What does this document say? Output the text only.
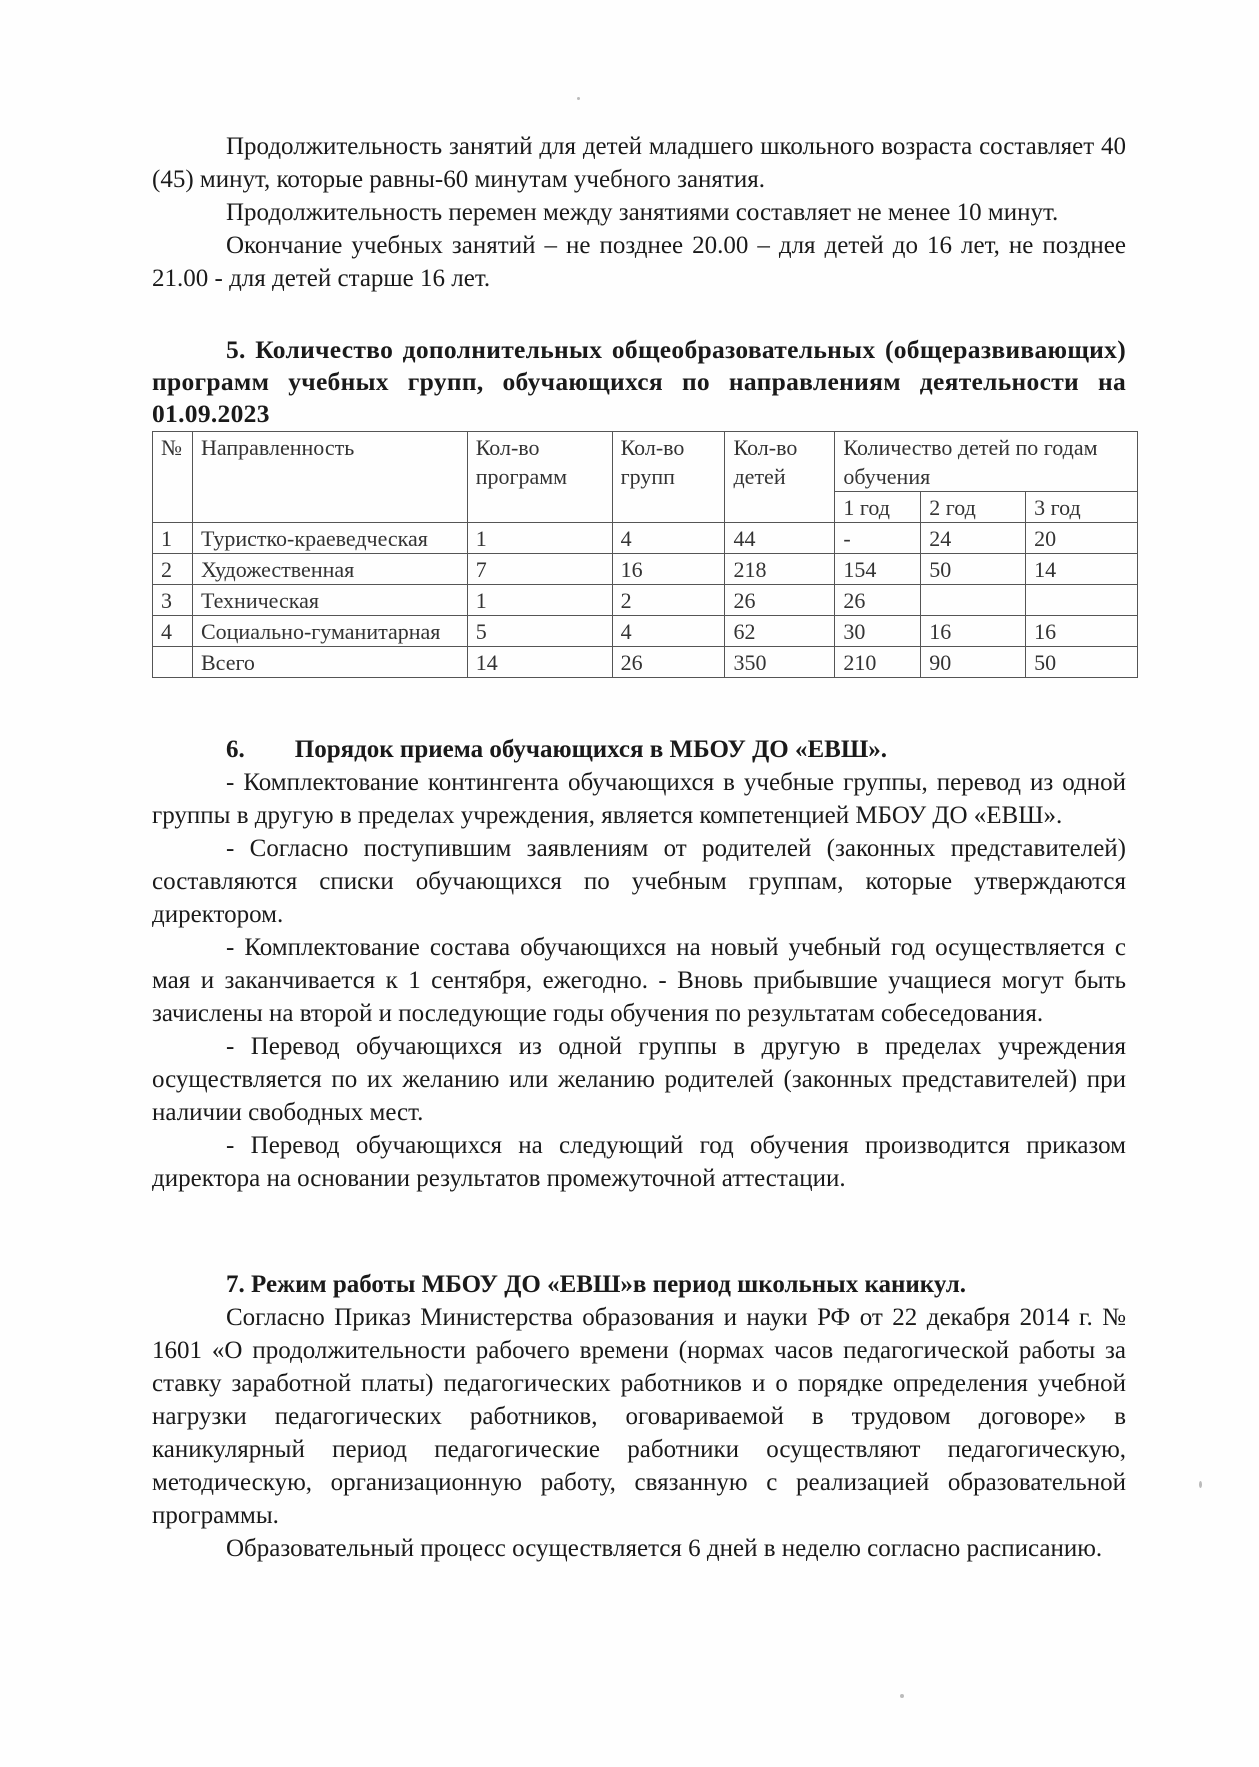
Продолжительность занятий для детей младшего школьного возраста составляет 40 (45) минут, которые равны-60 минутам учебного занятия.

Продолжительность перемен между занятиями составляет не менее 10 минут.

Окончание учебных занятий – не позднее 20.00 – для детей до 16 лет, не позднее 21.00 - для детей старше 16 лет.

5. Количество дополнительных общеобразовательных (общеразвивающих) программ учебных групп, обучающихся по направлениям деятельности на 01.09.2023

№	Направленность	Кол-во программ	Кол-во групп	Кол-во детей	Количество детей по годам обучения		
					1 год	2 год	3 год
1	Туристко-краеведческая	1	4	44	-	24	20
2	Художественная	7	16	218	154	50	14
3	Техническая	1	2	26	26		
4	Социально-гуманитарная	5	4	62	30	16	16
	Всего	14	26	350	210	90	50

6.  Порядок приема обучающихся в МБОУ ДО «ЕВШ».

- Комплектование контингента обучающихся в учебные группы, перевод из одной группы в другую в пределах учреждения, является компетенцией МБОУ ДО «ЕВШ».

- Согласно поступившим заявлениям от родителей (законных представителей) составляются списки обучающихся по учебным группам, которые утверждаются директором.

- Комплектование состава обучающихся на новый учебный год осуществляется с мая и заканчивается к 1 сентября, ежегодно. - Вновь прибывшие учащиеся могут быть зачислены на второй и последующие годы обучения по результатам собеседования.

- Перевод обучающихся из одной группы в другую в пределах учреждения осуществляется по их желанию или желанию родителей (законных представителей) при наличии свободных мест.

- Перевод обучающихся на следующий год обучения производится приказом директора на основании результатов промежуточной аттестации.

7. Режим работы МБОУ ДО «ЕВШ»в период школьных каникул.

Согласно Приказ Министерства образования и науки РФ от 22 декабря 2014 г. № 1601 «О продолжительности рабочего времени (нормах часов педагогической работы за ставку заработной платы) педагогических работников и о порядке определения учебной нагрузки педагогических работников, оговариваемой в трудовом договоре» в каникулярный период педагогические работники осуществляют педагогическую, методическую, организационную работу, связанную с реализацией образовательной программы.

Образовательный процесс осуществляется 6 дней в неделю согласно расписанию.
